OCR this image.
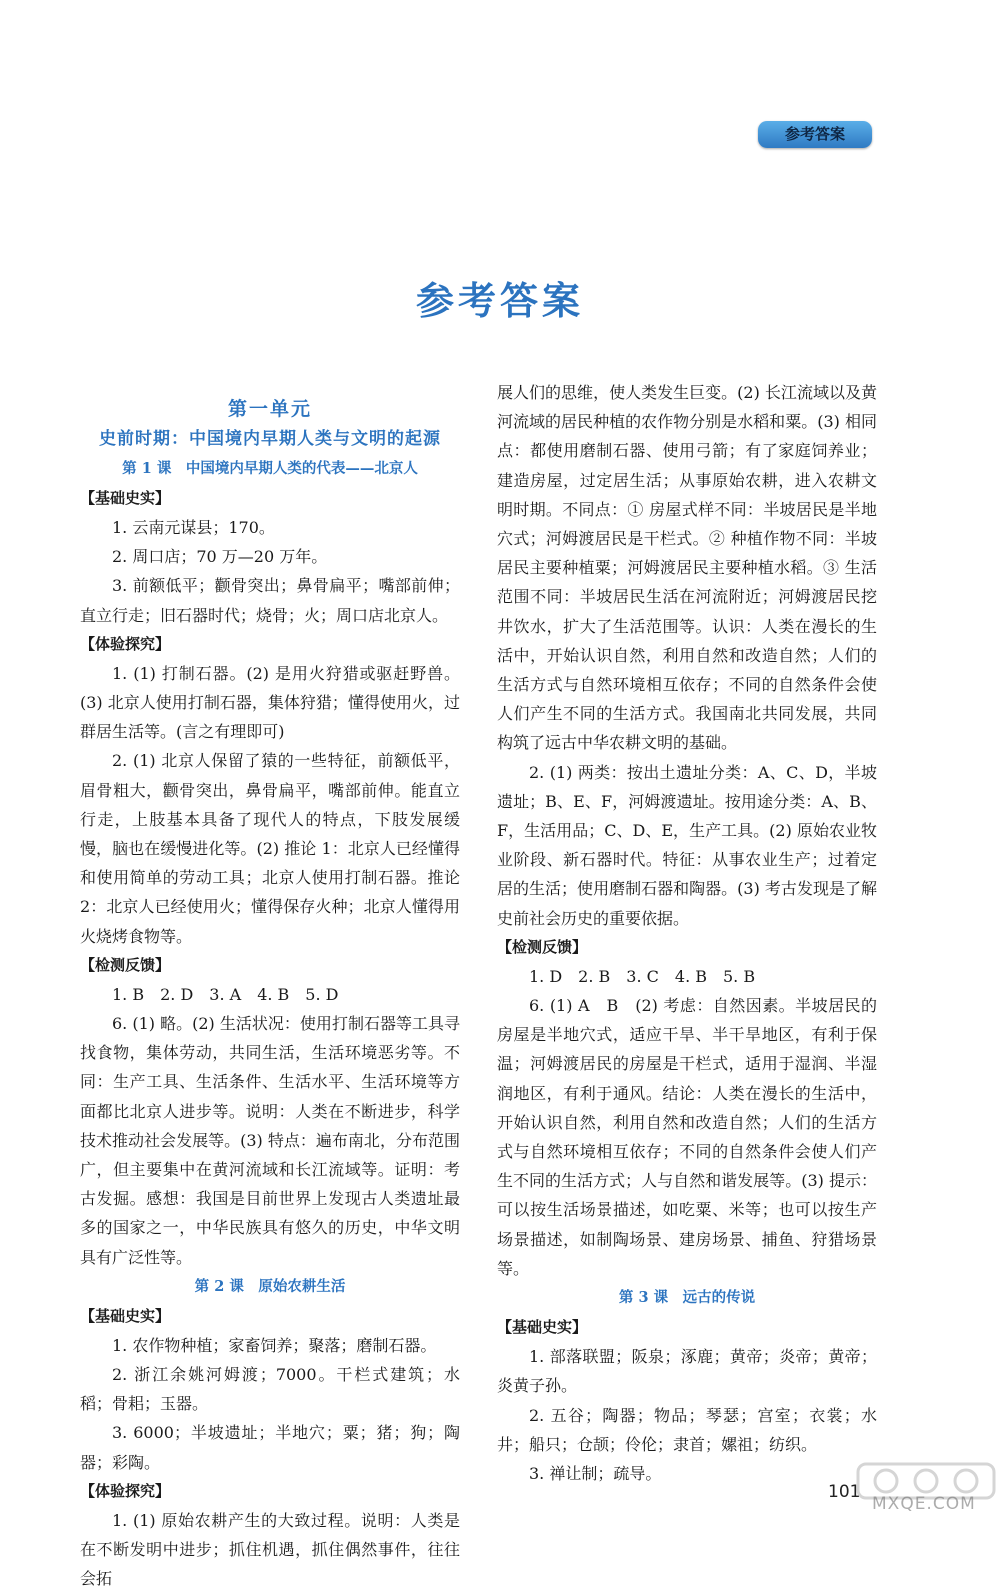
参考答案
参考答案
第一单元
史前时期：中国境内早期人类与文明的起源
第 1 课　中国境内早期人类的代表——北京人
【基础史实】
1. 云南元谋县；170。
2. 周口店；70 万—20 万年。
3. 前额低平；颧骨突出；鼻骨扁平；嘴部前伸；直立行走；旧石器时代；烧骨；火；周口店北京人。
【体验探究】
1. (1) 打制石器。(2) 是用火狩猎或驱赶野兽。(3) 北京人使用打制石器，集体狩猎；懂得使用火，过群居生活等。(言之有理即可)
2. (1) 北京人保留了猿的一些特征，前额低平，眉骨粗大，颧骨突出，鼻骨扁平，嘴部前伸。能直立行走，上肢基本具备了现代人的特点，下肢发展缓慢，脑也在缓慢进化等。(2) 推论 1：北京人已经懂得和使用简单的劳动工具；北京人使用打制石器。推论 2：北京人已经使用火；懂得保存火种；北京人懂得用火烧烤食物等。
【检测反馈】
1. B　2. D　3. A　4. B　5. D
6. (1) 略。(2) 生活状况：使用打制石器等工具寻找食物，集体劳动，共同生活，生活环境恶劣等。不同：生产工具、生活条件、生活水平、生活环境等方面都比北京人进步等。说明：人类在不断进步，科学技术推动社会发展等。(3) 特点：遍布南北，分布范围广，但主要集中在黄河流域和长江流域等。证明：考古发掘。感想：我国是目前世界上发现古人类遗址最多的国家之一，中华民族具有悠久的历史，中华文明具有广泛性等。
第 2 课　原始农耕生活
【基础史实】
1. 农作物种植；家畜饲养；聚落；磨制石器。
2. 浙江余姚河姆渡；7000。干栏式建筑；水稻；骨耜；玉器。
3. 6000；半坡遗址；半地穴；粟；猪；狗；陶器；彩陶。
【体验探究】
1. (1) 原始农耕产生的大致过程。说明：人类是在不断发明中进步；抓住机遇，抓住偶然事件，往往会拓
展人们的思维，使人类发生巨变。(2) 长江流域以及黄河流域的居民种植的农作物分别是水稻和粟。(3) 相同点：都使用磨制石器、使用弓箭；有了家庭饲养业；建造房屋，过定居生活；从事原始农耕，进入农耕文明时期。不同点：① 房屋式样不同：半坡居民是半地穴式；河姆渡居民是干栏式。② 种植作物不同：半坡居民主要种植粟；河姆渡居民主要种植水稻。③ 生活范围不同：半坡居民生活在河流附近；河姆渡居民挖井饮水，扩大了生活范围等。认识：人类在漫长的生活中，开始认识自然，利用自然和改造自然；人们的生活方式与自然环境相互依存；不同的自然条件会使人们产生不同的生活方式。我国南北共同发展，共同构筑了远古中华农耕文明的基础。
2. (1) 两类：按出土遗址分类：A、C、D，半坡遗址；B、E、F，河姆渡遗址。按用途分类：A、B、F，生活用品；C、D、E，生产工具。(2) 原始农业牧业阶段、新石器时代。特征：从事农业生产；过着定居的生活；使用磨制石器和陶器。(3) 考古发现是了解史前社会历史的重要依据。
【检测反馈】
1. D　2. B　3. C　4. B　5. B
6. (1) A　B　(2) 考虑：自然因素。半坡居民的房屋是半地穴式，适应干旱、半干旱地区，有利于保温；河姆渡居民的房屋是干栏式，适用于湿润、半湿润地区，有利于通风。结论：人类在漫长的生活中，开始认识自然，利用自然和改造自然；人们的生活方式与自然环境相互依存；不同的自然条件会使人们产生不同的生活方式；人与自然和谐发展等。(3) 提示：可以按生活场景描述，如吃粟、米等；也可以按生产场景描述，如制陶场景、建房场景、捕鱼、狩猎场景等。
第 3 课　远古的传说
【基础史实】
1. 部落联盟；阪泉；涿鹿；黄帝；炎帝；黄帝；炎黄子孙。
2. 五谷；陶器；物品；琴瑟；宫室；衣裳；水井；船只；仓颉；伶伦；隶首；嫘祖；纺织。
3. 禅让制；疏导。
101
MXQE.COM
